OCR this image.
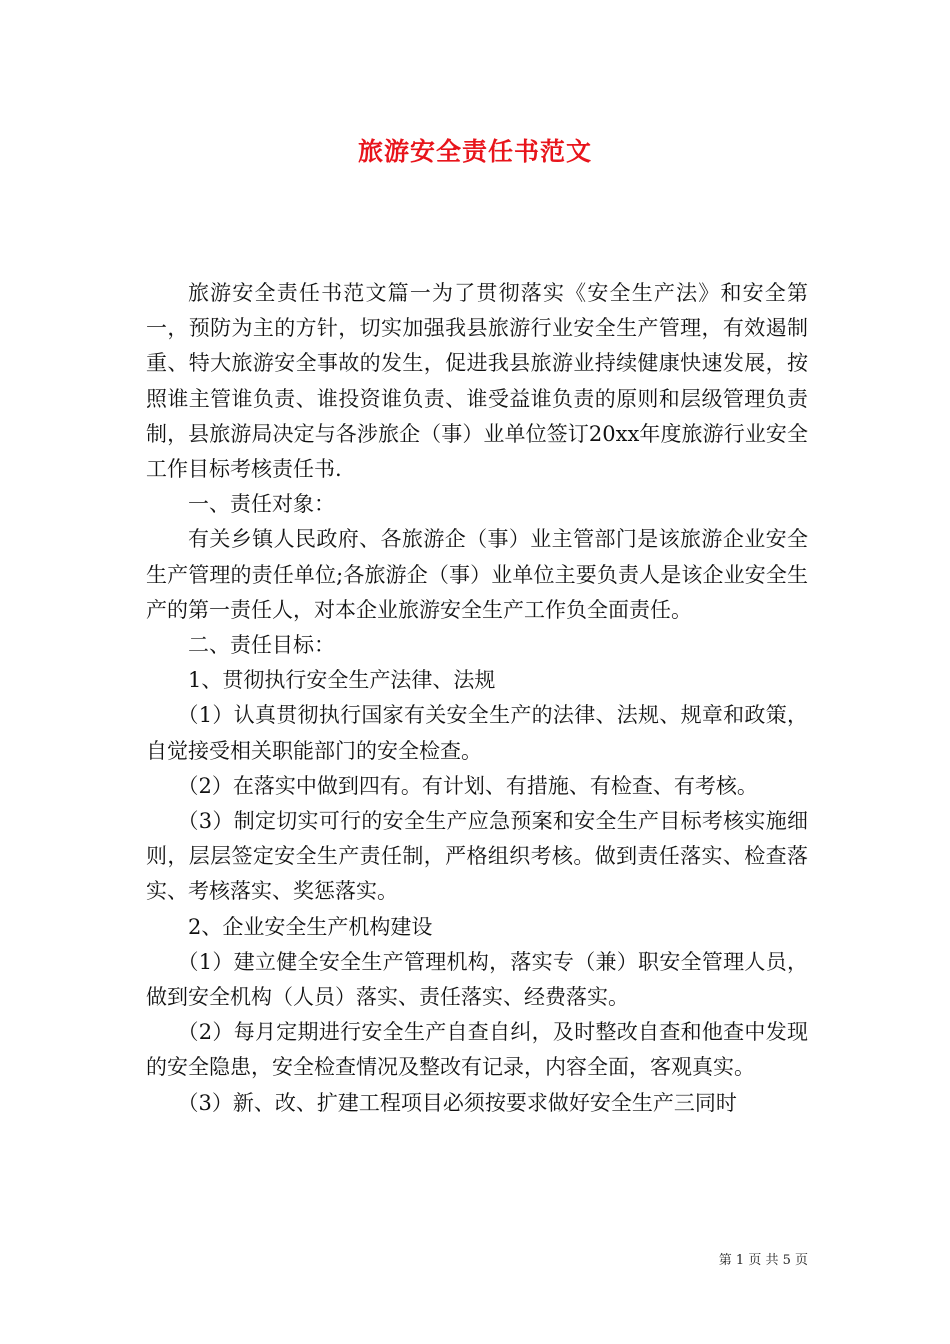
旅游安全责任书范文

旅游安全责任书范文篇一为了贯彻落实《安全生产法》和安全第一，预防为主的方针，切实加强我县旅游行业安全生产管理，有效遏制重、特大旅游安全事故的发生，促进我县旅游业持续健康快速发展，按照谁主管谁负责、谁投资谁负责、谁受益谁负责的原则和层级管理负责制，县旅游局决定与各涉旅企（事）业单位签订20xx年度旅游行业安全工作目标考核责任书.

一、责任对象：

有关乡镇人民政府、各旅游企（事）业主管部门是该旅游企业安全生产管理的责任单位;各旅游企（事）业单位主要负责人是该企业安全生产的第一责任人，对本企业旅游安全生产工作负全面责任。

二、责任目标：

1、贯彻执行安全生产法律、法规

（1）认真贯彻执行国家有关安全生产的法律、法规、规章和政策，自觉接受相关职能部门的安全检查。

（2）在落实中做到四有。有计划、有措施、有检查、有考核。

（3）制定切实可行的安全生产应急预案和安全生产目标考核实施细则，层层签定安全生产责任制，严格组织考核。做到责任落实、检查落实、考核落实、奖惩落实。

2、企业安全生产机构建设

（1）建立健全安全生产管理机构，落实专（兼）职安全管理人员，做到安全机构（人员）落实、责任落实、经费落实。

（2）每月定期进行安全生产自查自纠，及时整改自查和他查中发现的安全隐患，安全检查情况及整改有记录，内容全面，客观真实。

（3）新、改、扩建工程项目必须按要求做好安全生产三同时

第 1 页 共 5 页
